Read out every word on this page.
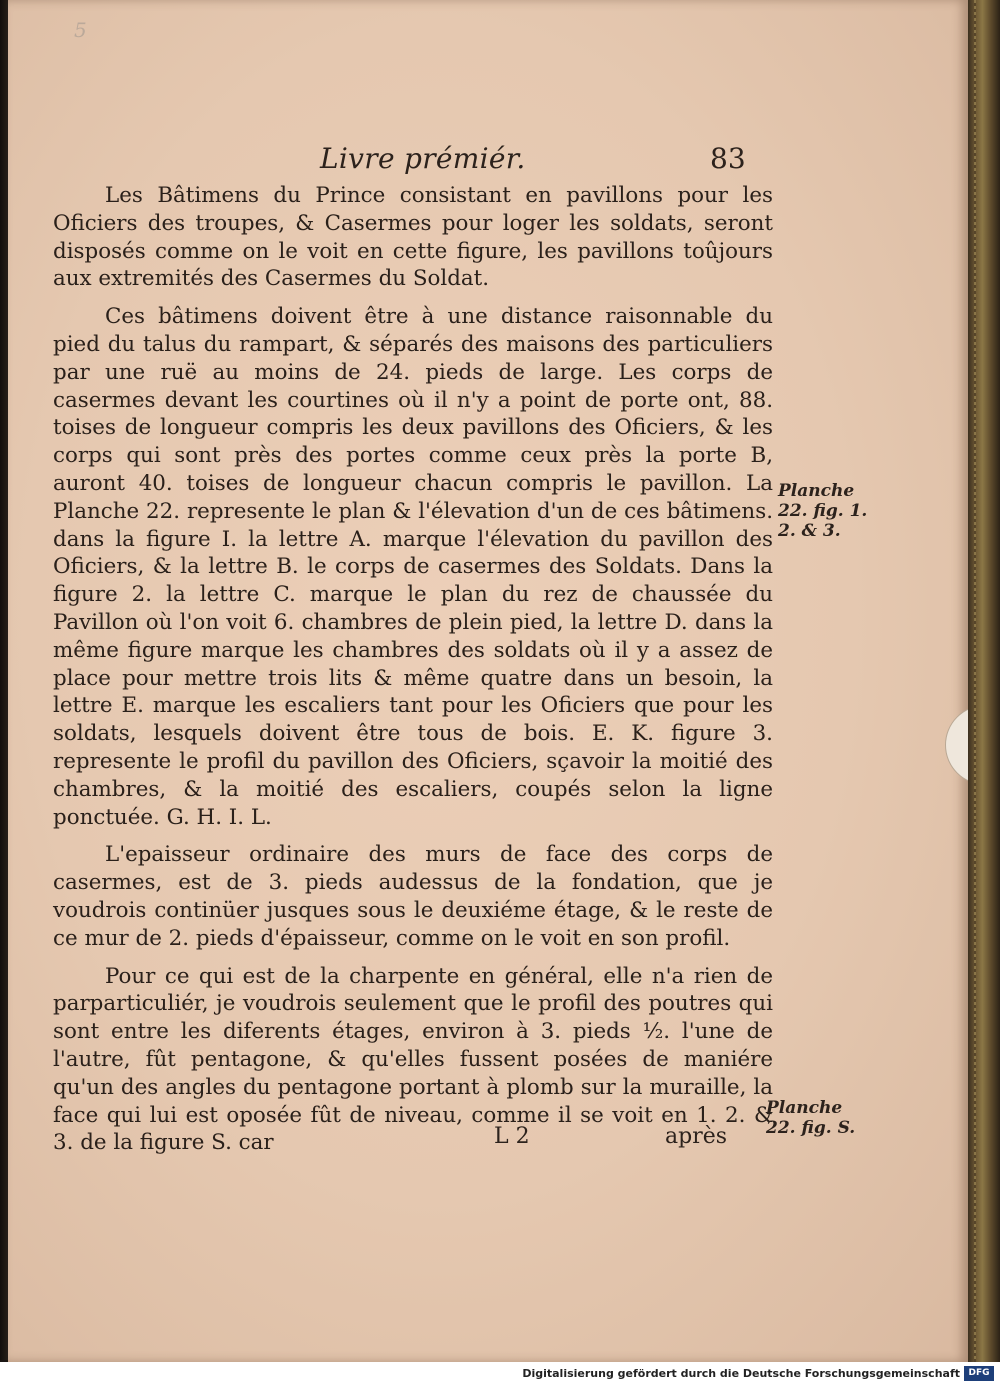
5
Livre prémiér.	83

Les Bâtimens du Prince consistant en pavillons pour les Oficiers des troupes, & Casermes pour loger les soldats, seront disposés comme on le voit en cette figure, les pavillons toûjours aux extremités des Casermes du Soldat.

Ces bâtimens doivent être à une distance raisonnable du pied du talus du rampart, & séparés des maisons des particuliers par une ruë au moins de 24. pieds de large. Les corps de casermes devant les courtines où il n'y a point de porte ont, 88. toises de longueur compris les deux pavillons des Oficiers, & les corps qui sont près des portes comme ceux près la porte B, auront 40. toises de longueur chacun compris le pavillon. La Planche 22. represente le plan & l'élevation d'un de ces bâtimens. dans la figure I. la lettre A. marque l'élevation du pavillon des Oficiers, & la lettre B. le corps de casermes des Soldats. Dans la figure 2. la lettre C. marque le plan du rez de chaussée du Pavillon où l'on voit 6. chambres de plein pied, la lettre D. dans la même figure marque les chambres des soldats où il y a assez de place pour mettre trois lits & même quatre dans un besoin, la lettre E. marque les escaliers tant pour les Oficiers que pour les soldats, lesquels doivent être tous de bois. E. K. figure 3. represente le profil du pavillon des Oficiers, sçavoir la moitié des chambres, & la moitié des escaliers, coupés selon la ligne ponctuée. G. H. I. L.

L'epaisseur ordinaire des murs de face des corps de casermes, est de 3. pieds audessus de la fondation, que je voudrois continüer jusques sous le deuxiéme étage, & le reste de ce mur de 2. pieds d'épaisseur, comme on le voit en son profil.

Pour ce qui est de la charpente en général, elle n'a rien de parparticuliér, je voudrois seulement que le profil des poutres qui sont entre les diferents étages, environ à 3. pieds ½. l'une de l'autre, fût pentagone, & qu'elles fussent posées de maniére qu'un des angles du pentagone portant à plomb sur la muraille, la face qui lui est oposée fût de niveau, comme il se voit en 1. 2. & 3. de la figure S. car

Planche
22. fig. 1.
2. & 3.
Planche
22. fig. S.
L 2	après
Digitalisierung gefördert durch die Deutsche Forschungsgemeinschaft DFG
